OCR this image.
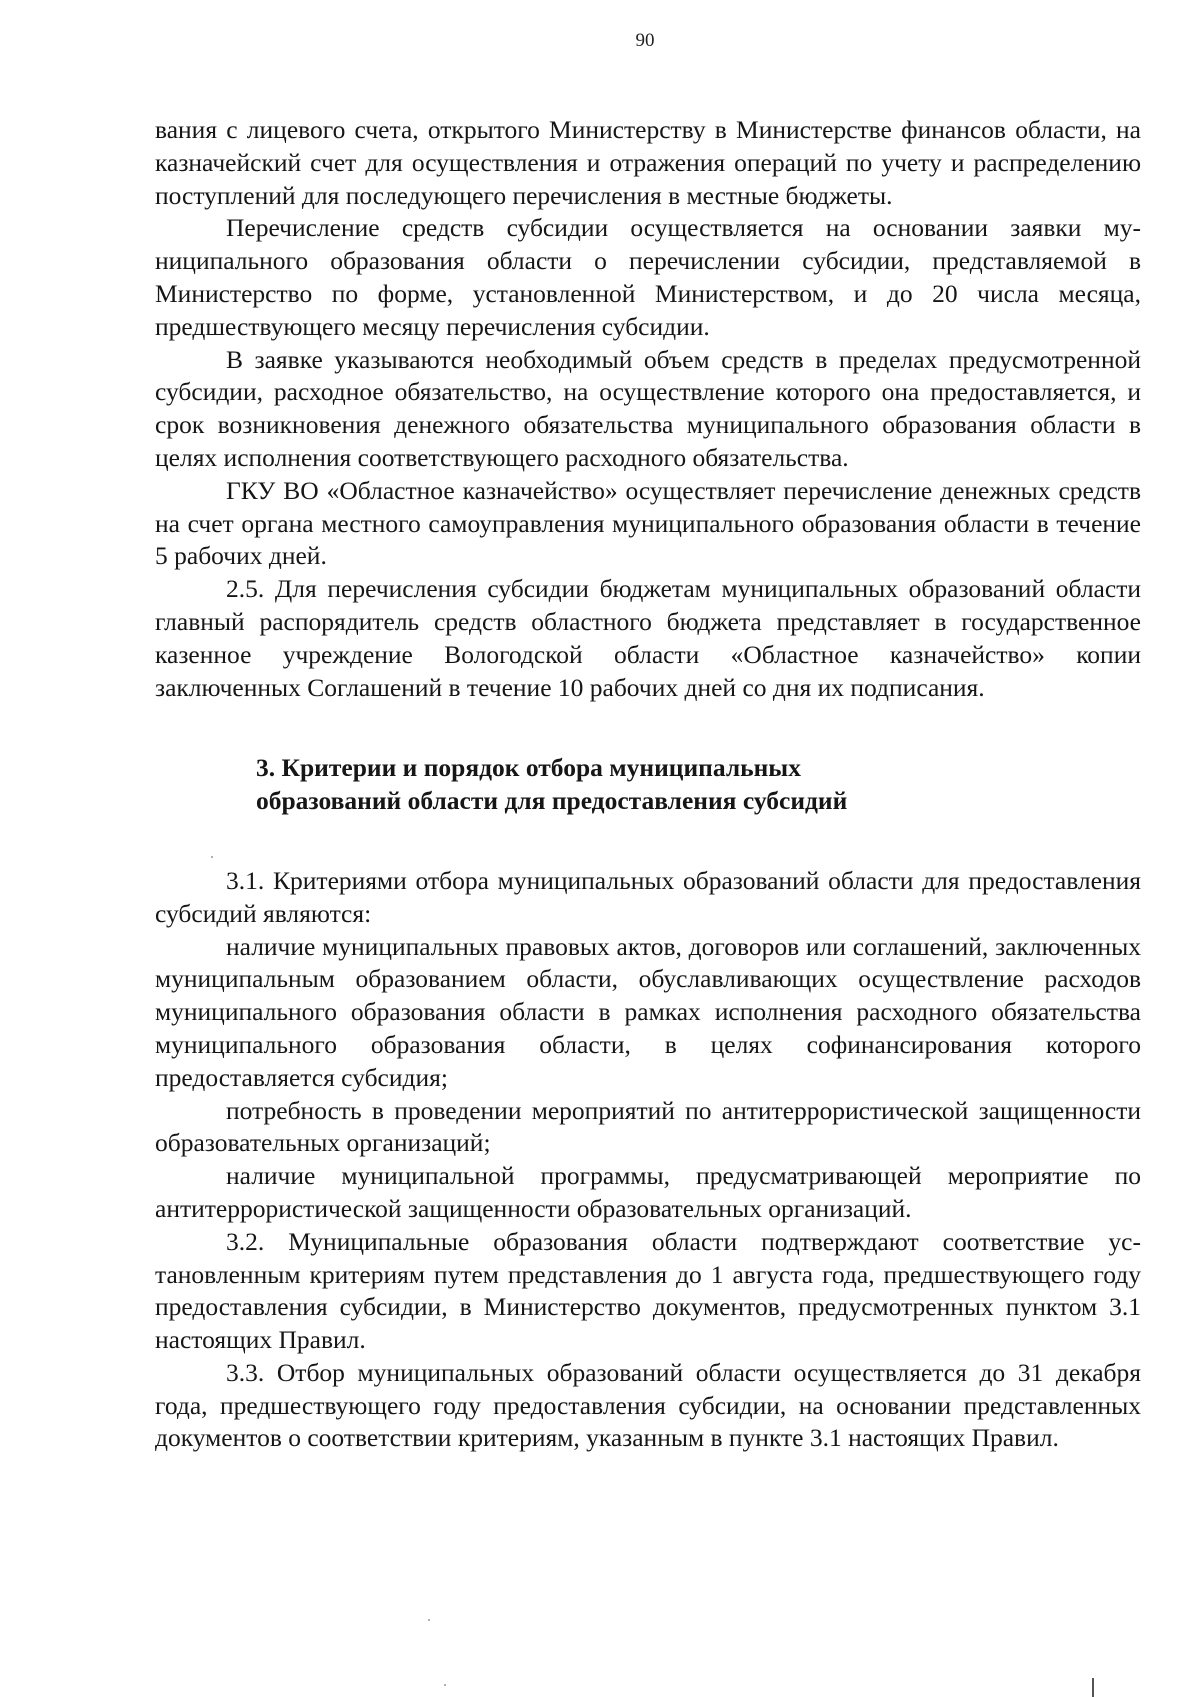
90

вания с лицевого счета, открытого Министерству в Министерстве финансов области, на казначейский счет для осуществления и отражения операций по учету и распределению поступлений для последующего перечисления в местные бюджеты.

Перечисление средств субсидии осуществляется на основании заявки муниципального образования области о перечислении субсидии, представляемой в Министерство по форме, установленной Министерством, и до 20 числа месяца, предшествующего месяцу перечисления субсидии.

В заявке указываются необходимый объем средств в пределах предусмотренной субсидии, расходное обязательство, на осуществление которого она предоставляется, и срок возникновения денежного обязательства муниципального образования области в целях исполнения соответствующего расходного обязательства.

ГКУ ВО «Областное казначейство» осуществляет перечисление денежных средств на счет органа местного самоуправления муниципального образования области в течение 5 рабочих дней.

2.5. Для перечисления субсидии бюджетам муниципальных образований области главный распорядитель средств областного бюджета представляет в государственное казенное учреждение Вологодской области «Областное казначейство» копии заключенных Соглашений в течение 10 рабочих дней со дня их подписания.

3. Критерии и порядок отбора муниципальных
образований области для предоставления субсидий

3.1. Критериями отбора муниципальных образований области для предоставления субсидий являются:

наличие муниципальных правовых актов, договоров или соглашений, заключенных муниципальным образованием области, обуславливающих осуществление расходов муниципального образования области в рамках исполнения расходного обязательства муниципального образования области, в целях софинансирования которого предоставляется субсидия;

потребность в проведении мероприятий по антитеррористической защищенности образовательных организаций;

наличие муниципальной программы, предусматривающей мероприятие по антитеррористической защищенности образовательных организаций.

3.2. Муниципальные образования области подтверждают соответствие установленным критериям путем представления до 1 августа года, предшествующего году предоставления субсидии, в Министерство документов, предусмотренных пунктом 3.1 настоящих Правил.

3.3. Отбор муниципальных образований области осуществляется до 31 декабря года, предшествующего году предоставления субсидии, на основании представленных документов о соответствии критериям, указанным в пункте 3.1 настоящих Правил.
